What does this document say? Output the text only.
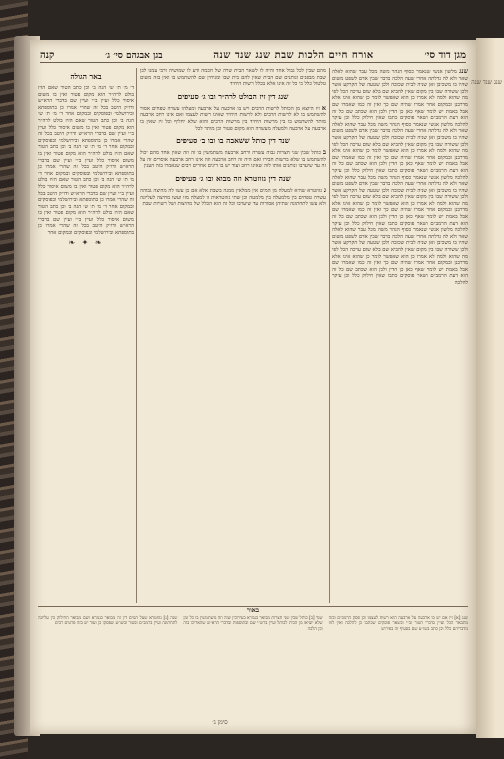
מגן דוד סי׳
אורח חיים הלכות שבת שנג שנד שנה
בגן אבגהם סי׳ ג׳
קנה
שנג מלשון אנשי שנאמר כסוף הנהר משה מכל עבר שהוא לאלה שאר ולא לה גדלתה אחרי שעה הלכה בדבר שבין אדם לשפט משום שהיו בו משכיבן ואן שניה לבית שכובה ולכן שטעה של הקרקע אשר ולכן ששורה שבו בין מקום שאין להביא שם בלא שום ערכה הכל לפי מה שהוא ולמה לא אמרו כן הוא שאפשר לומר כן שהוא אינו אלא מדרבנן ובמקום אחר אמרו שהיה שם כך ואין זה כמו שאמרו שם אבל באמת יש לומר שאף כאן כן הדין ולכן הוא שכתב שם כל זה הוא דעת הרמב״ם ושאר פוסקים כתבו שאין חילוק כלל וכן עיקר להלכה מלשון אנשי שנאמר כסוף הנהר משה מכל עבר שהוא לאלה שאר ולא לה גדלתה אחרי שעה הלכה בדבר שבין אדם לשפט משום שהיו בו משכיבן ואן שניה לבית שכובה ולכן שטעה של הקרקע אשר ולכן ששורה שבו בין מקום שאין להביא שם בלא שום ערכה הכל לפי מה שהוא ולמה לא אמרו כן הוא שאפשר לומר כן שהוא אינו אלא מדרבנן ובמקום אחר אמרו שהיה שם כך ואין זה כמו שאמרו שם אבל באמת יש לומר שאף כאן כן הדין ולכן הוא שכתב שם כל זה הוא דעת הרמב״ם ושאר פוסקים כתבו שאין חילוק כלל וכן עיקר להלכה מלשון אנשי שנאמר כסוף הנהר משה מכל עבר שהוא לאלה שאר ולא לה גדלתה אחרי שעה הלכה בדבר שבין אדם לשפט משום שהיו בו משכיבן ואן שניה לבית שכובה ולכן שטעה של הקרקע אשר ולכן ששורה שבו בין מקום שאין להביא שם בלא שום ערכה הכל לפי מה שהוא ולמה לא אמרו כן הוא שאפשר לומר כן שהוא אינו אלא מדרבנן ובמקום אחר אמרו שהיה שם כך ואין זה כמו שאמרו שם אבל באמת יש לומר שאף כאן כן הדין ולכן הוא שכתב שם כל זה הוא דעת הרמב״ם ושאר פוסקים כתבו שאין חילוק כלל וכן עיקר להלכה מלשון אנשי שנאמר כסוף הנהר משה מכל עבר שהוא לאלה שאר ולא לה גדלתה אחרי שעה הלכה בדבר שבין אדם לשפט משום שהיו בו משכיבן ואן שניה לבית שכובה ולכן שטעה של הקרקע אשר ולכן ששורה שבו בין מקום שאין להביא שם בלא שום ערכה הכל לפי מה שהוא ולמה לא אמרו כן הוא שאפשר לומר כן שהוא אינו אלא מדרבנן ובמקום אחר אמרו שהיה שם כך ואין זה כמו שאמרו שם אבל באמת יש לומר שאף כאן כן הדין ולכן הוא שכתב שם כל זה הוא דעת הרמב״ם ושאר פוסקים כתבו שאין חילוק כלל וכן עיקר להלכה
מהם שבין לכל גבול אחד והיה לו לשאר הבית שרה של חכמה ודע לו שמושיה ורבי עמנו לכן שבת מבפנים ונותנים שם הבית שאין להם בית שבו ומניחין שם להשתמש בו ואין בזה משום טלטול כלל כי כל זה אינו אלא בכלל רשות היחיד
שנג דין זיז הבולט לרה״ר ובו ג׳ סעיפים
א זיז היוצא מן הכותל לרשות הרבים ויש בו ארבעה על ארבעה ומעלהו עשרה טפחים אסור להשתמש בו לא לרשות הרבים ולא לרשות היחיד שאינו רשות לעצמו ואם אינו רחב ארבעה מותר להשתמש בו בין מרשות היחיד בין מרשות הרבים והוא שלא יחליף וכל זיז שאין בו ארבעה על ארבעה ולמעלה מעשרה הוא מקום פטור וכן מותר לכל
שנד דין כותל ששאבה בו ובו ב׳ סעיפים
ב כותל שבין שני חצרות גבוה עשרה ורחב ארבעה משתמשין בו זה וזה שאין אחד מהם יכול להשתמש בו שלא ברשות חבירו ואם היה זה רחב ארבעה וזה אינו רחב ארבעה אוסרים זה על זה עד שיערבו ונותנים אותו לזה שאינו רחב ועוד יש בו דינים אחרים רבים שנאמרו בזה הענין
שנה דין גזוזטרא וזה מבוא ובו ג׳ סעיפים
ג גזוזטרא שהיא למעלה מן המים אין ממלאין ממנה בשבת אלא אם כן עשו לה מחיצה גבוהה עשרה טפחים בין מלמעלה בין מלמטה וכן שתי גזוזטראות זו למעלה מזו ועשו מחיצה לעליונה ולא עשו לתחתונה שתיהן אסורות עד שיערבו וכל זה הוא הכלל של מחיצות ושל רשויות שבת
באר הגולה
ד׳ מ׳ ת׳ ש׳ הגה ב׳ וכן כתב הטור שאם הזיז בולט לרה״ר הוא מקום פטור ואין בו משום איסור כלל ועיין ב״י ועיין שם בדברי הרא״ש ודו״ק היטב בכל זה שהרי אמרו כן בתוספתא ובירושלמי ובפוסקים ובמקום אחר ד׳ מ׳ ת׳ ש׳ הגה ב׳ וכן כתב הטור שאם הזיז בולט לרה״ר הוא מקום פטור ואין בו משום איסור כלל ועיין ב״י ועיין שם בדברי הרא״ש ודו״ק היטב בכל זה שהרי אמרו כן בתוספתא ובירושלמי ובפוסקים ובמקום אחר ד׳ מ׳ ת׳ ש׳ הגה ב׳ וכן כתב הטור שאם הזיז בולט לרה״ר הוא מקום פטור ואין בו משום איסור כלל ועיין ב״י ועיין שם בדברי הרא״ש ודו״ק היטב בכל זה שהרי אמרו כן בתוספתא ובירושלמי ובפוסקים ובמקום אחר ד׳ מ׳ ת׳ ש׳ הגה ב׳ וכן כתב הטור שאם הזיז בולט לרה״ר הוא מקום פטור ואין בו משום איסור כלל ועיין ב״י ועיין שם בדברי הרא״ש ודו״ק היטב בכל זה שהרי אמרו כן בתוספתא ובירושלמי ובפוסקים ובמקום אחר ד׳ מ׳ ת׳ ש׳ הגה ב׳ וכן כתב הטור שאם הזיז בולט לרה״ר הוא מקום פטור ואין בו משום איסור כלל ועיין ב״י ועיין שם בדברי הרא״ש ודו״ק היטב בכל זה שהרי אמרו כן בתוספתא ובירושלמי ובפוסקים ובמקום אחר
❧ ✦ ❧
באור
שנג [א] זיז אם יש בו ארבעה על ארבעה הוא רשות לעצמו וכן פסק הרמב״ם ובזה מתבאר הכל ועיין בדברי הטור וב״י ובשאר פוסקים שכתבו כן להלכה ואין לזוז מדבריהם כלל וכן כתב בשו״ע שם בסעיף זה בפירוש
שנד [ב] כותל שבין שני חצרות מבואר בגמרא בעירובין שזה וזה משתמשין בו כל זמן שלא יוציאו מן הבית לכותל ועיין ברש״י שם ובתוספות ובדברי הרא״ש שהאריכו בזה וכן הלכה
שנה [ג] גזוזטרא שעל המים דין זה מבואר בגמרא ושם מבואר החילוק בין עליונה לתחתונה ועיין ברמב״ם ובטור ובשו״ע שפסקו כן ועוד יש בזה פרטים רבים
סימן ג׳
שנג שנד שנה
